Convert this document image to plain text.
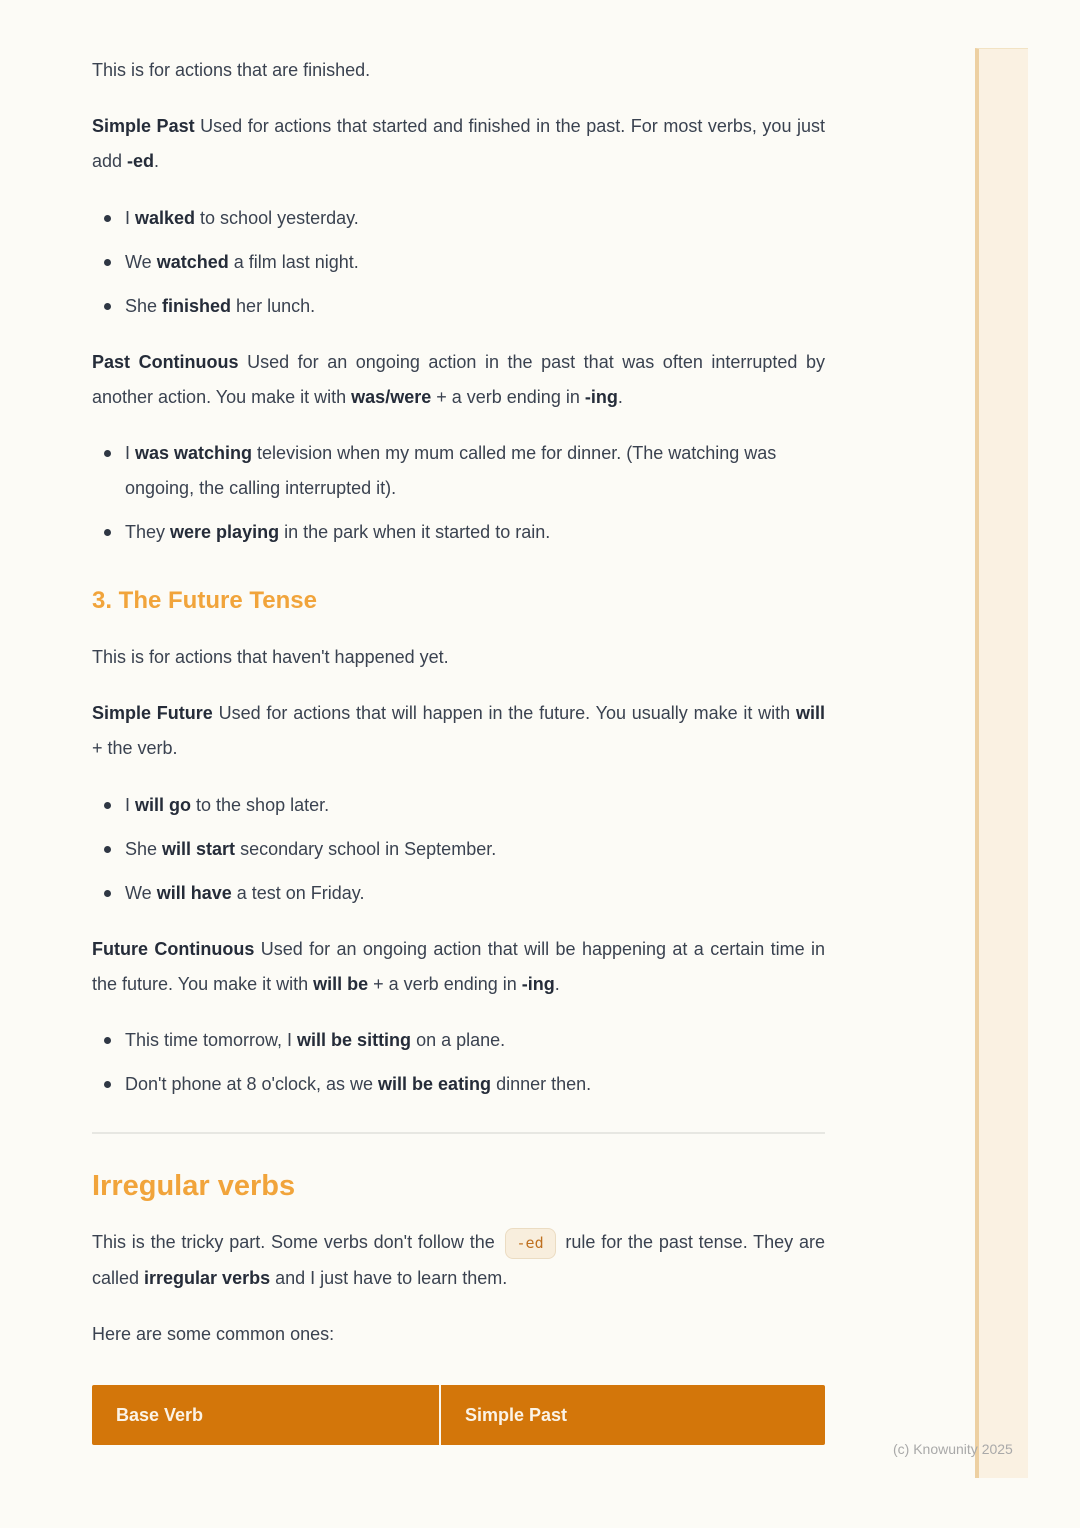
This is for actions that are finished.

Simple Past Used for actions that started and finished in the past. For most verbs, you just add -ed.

I walked to school yesterday.
We watched a film last night.
She finished her lunch.

Past Continuous Used for an ongoing action in the past that was often interrupted by another action. You make it with was/were + a verb ending in -ing.

I was watching television when my mum called me for dinner. (The watching was ongoing, the calling interrupted it).
They were playing in the park when it started to rain.
3. The Future Tense

This is for actions that haven't happened yet.

Simple Future Used for actions that will happen in the future. You usually make it with will + the verb.

I will go to the shop later.
She will start secondary school in September.
We will have a test on Friday.

Future Continuous Used for an ongoing action that will be happening at a certain time in the future. You make it with will be + a verb ending in -ing.

This time tomorrow, I will be sitting on a plane.
Don't phone at 8 o'clock, as we will be eating dinner then.
Irregular verbs

This is the tricky part. Some verbs don't follow the -ed rule for the past tense. They are called irregular verbs and I just have to learn them.

Here are some common ones:

Base Verb	Simple Past
(c) Knowunity 2025
